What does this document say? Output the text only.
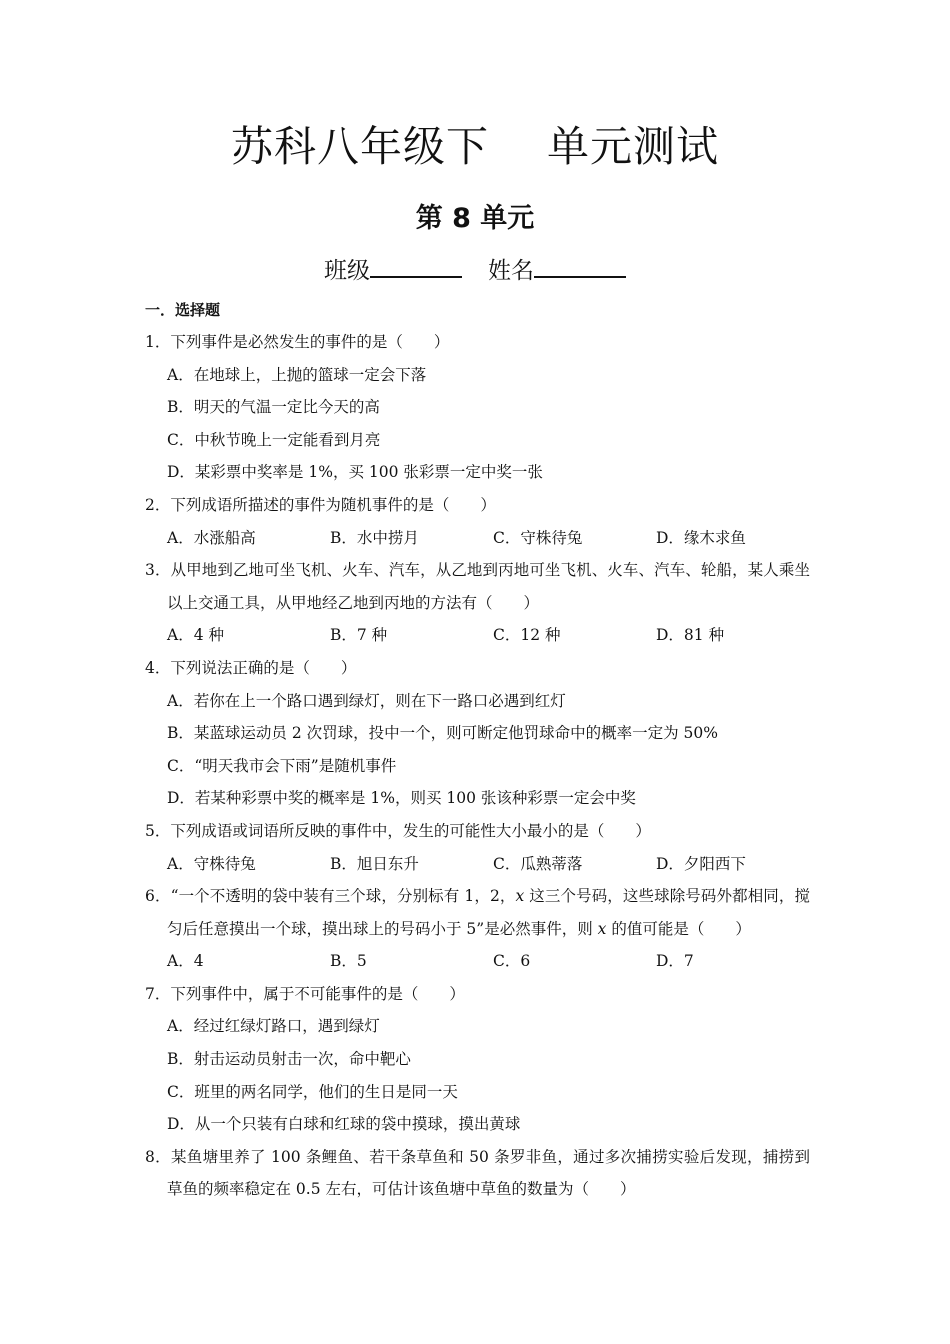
苏科八年级下 单元测试
第 8 单元
班级	姓名
一．选择题

1．下列事件是必然发生的事件的是（　　）

A．在地球上，上抛的篮球一定会下落

B．明天的气温一定比今天的高

C．中秋节晚上一定能看到月亮

D．某彩票中奖率是 1%，买 100 张彩票一定中奖一张

2．下列成语所描述的事件为随机事件的是（　　）

A．水涨船高	B．水中捞月	C．守株待兔	D．缘木求鱼

3．从甲地到乙地可坐飞机、火车、汽车，从乙地到丙地可坐飞机、火车、汽车、轮船，某人乘坐以上交通工具，从甲地经乙地到丙地的方法有（　　）

A．4 种	B．7 种	C．12 种	D．81 种

4．下列说法正确的是（　　）

A．若你在上一个路口遇到绿灯，则在下一路口必遇到红灯

B．某蓝球运动员 2 次罚球，投中一个，则可断定他罚球命中的概率一定为 50%

C．“明天我市会下雨”是随机事件

D．若某种彩票中奖的概率是 1%，则买 100 张该种彩票一定会中奖

5．下列成语或词语所反映的事件中，发生的可能性大小最小的是（　　）

A．守株待兔	B．旭日东升	C．瓜熟蒂落	D．夕阳西下

6．“一个不透明的袋中装有三个球，分别标有 1，2，x 这三个号码，这些球除号码外都相同，搅匀后任意摸出一个球，摸出球上的号码小于 5”是必然事件，则 x 的值可能是（　　）

A．4	B．5	C．6	D．7

7．下列事件中，属于不可能事件的是（　　）

A．经过红绿灯路口，遇到绿灯

B．射击运动员射击一次，命中靶心

C．班里的两名同学，他们的生日是同一天

D．从一个只装有白球和红球的袋中摸球，摸出黄球

8．某鱼塘里养了 100 条鲤鱼、若干条草鱼和 50 条罗非鱼，通过多次捕捞实验后发现，捕捞到草鱼的频率稳定在 0.5 左右，可估计该鱼塘中草鱼的数量为（　　）
